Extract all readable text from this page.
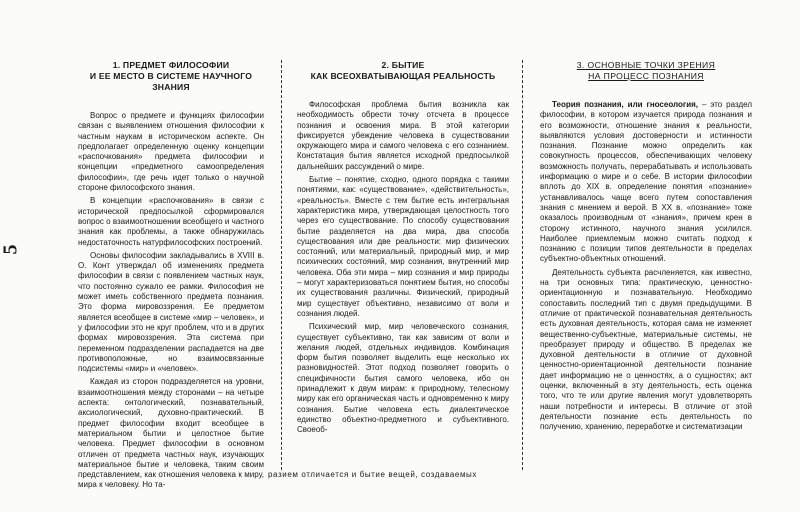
5
1. ПРЕДМЕТ ФИЛОСОФИИ
И ЕЕ МЕСТО В СИСТЕМЕ НАУЧНОГО ЗНАНИЯ

Вопрос о предмете и функциях философии связан с выявлением отношения философии к частным наукам в историческом аспекте. Он предполагает определенную оценку концепции «распочкования» предмета философии и концепции «предметного самоопределения философии», где речь идет только о научной стороне философского знания.

В концепции «распочкования» в связи с исторической предпосылкой сформировался вопрос о взаимоотношении всеобщего и частного знания как проблемы, а также обнаружилась недостаточность натурфилософских построений.

Основы философии закладывались в XVIII в. О. Конт утверждал об изменениях предмета философии в связи с появлением частных наук, что постоянно сужало ее рамки. Философия не может иметь собственного предмета познания. Это форма мировоззрения. Ее предметом является всеобщее в системе «мир – человек», и у философии это не круг проблем, что и в других формах мировоззрения. Эта система при переменном подразделении распадается на две противоположные, но взаимосвязанные подсистемы «мир» и «человек».

Каждая из сторон подразделяется на уровни, взаимоотношения между сторонами – на четыре аспекта: онтологический, познавательный, аксиологический, духовно-практический. В предмет философии входит всеобщее в материальном бытии и целостное бытие человека. Предмет философии в основном отличен от предмета частных наук, изучающих материальное бытие и человека, таким своим представлением, как отношения человека к миру, мира к человеку. Но та-

2. БЫТИЕ
КАК ВСЕОХВАТЫВАЮЩАЯ РЕАЛЬНОСТЬ

Философская проблема бытия возникла как необходимость обрести точку отсчета в процессе познания и освоения мира. В этой категории фиксируется убеждение человека в существовании окружающего мира и самого человека с его сознанием. Констатация бытия является исходной предпосылкой дальнейших рассуждений о мире.

Бытие – понятие, сходно, одного порядка с такими понятиями, как: «существование», «действительность», «реальность». Вместе с тем бытие есть интегральная характеристика мира, утверждающая целостность того через его существование. По способу существования бытие разделяется на два мира, два способа существования или две реальности: мир физических состояний, или материальный, природный мир, и мир психических состояний, мир сознания, внутренний мир человека. Оба эти мира – мир сознания и мир природы – могут характеризоваться понятием бытия, но способы их существования различны. Физический, природный мир существует объективно, независимо от воли и сознания людей.

Психический мир, мир человеческого сознания, существует субъективно, так как зависим от воли и желания людей, отдельных индивидов. Комбинация форм бытия позволяет выделить еще несколько их разновидностей. Этот подход позволяет говорить о специфичности бытия самого человека, ибо он принадлежит к двум мирам: к природному, телесному миру как его органическая часть и одновременно к миру сознания. Бытие человека есть диалектическое единство объектно-предметного и субъективного. Своеоб-

3. ОСНОВНЫЕ ТОЧКИ ЗРЕНИЯ
НА ПРОЦЕСС ПОЗНАНИЯ

Теория познания, или гносеология, – это раздел философии, в котором изучается природа познания и его возможности, отношение знания к реальности, выявляются условия достоверности и истинности познания. Познание можно определить как совокупность процессов, обеспечивающих человеку возможность получать, перерабатывать и использовать информацию о мире и о себе. В истории философии вплоть до XIX в. определение понятия «познание» устанавливалось чаще всего путем сопоставления знания с мнением и верой. В XX в. «познание» тоже оказалось производным от «знания», причем крен в сторону истинного, научного знания усилился. Наиболее приемлемым можно считать подход к познанию с позиции типов деятельности в пределах субъектно-объектных отношений.

Деятельность субъекта расчленяется, как известно, на три основных типа: практическую, ценностно-ориентационную и познавательную. Необходимо сопоставить последний тип с двумя предыдущими. В отличие от практической познавательная деятельность есть духовная деятельность, которая сама не изменяет вещественно-субъектные, материальные системы, не преобразует природу и общество. В пределах же духовной деятельности в отличие от духовной ценностно-ориентационной деятельности познание дает информацию не о ценностях, а о сущностях; акт оценки, включенный в эту деятельность, есть оценка того, что те или другие явления могут удовлетворять наши потребности и интересы. В отличие от этой деятельности познание есть деятельность по получению, хранению, переработке и систематизации

разием отличается и бытие вещей, создаваемых
